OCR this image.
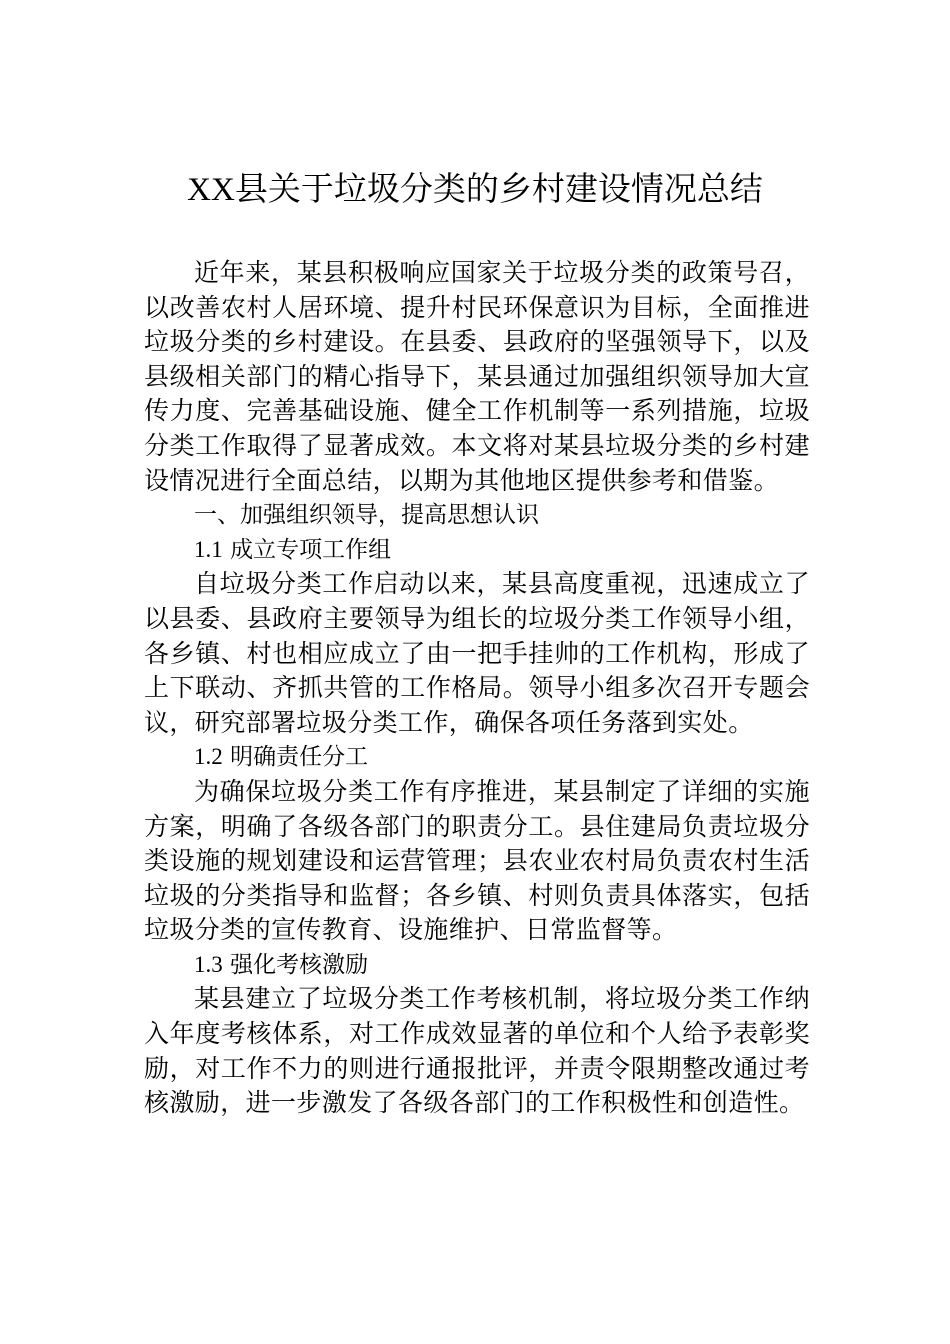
XX县关于垃圾分类的乡村建设情况总结

近年来，某县积极响应国家关于垃圾分类的政策号召，以改善农村人居环境、提升村民环保意识为目标，全面推进垃圾分类的乡村建设。在县委、县政府的坚强领导下，以及县级相关部门的精心指导下，某县通过加强组织领导加大宣传力度、完善基础设施、健全工作机制等一系列措施，垃圾分类工作取得了显著成效。本文将对某县垃圾分类的乡村建设情况进行全面总结，以期为其他地区提供参考和借鉴。

一、加强组织领导，提高思想认识

1.1 成立专项工作组

自垃圾分类工作启动以来，某县高度重视，迅速成立了以县委、县政府主要领导为组长的垃圾分类工作领导小组，各乡镇、村也相应成立了由一把手挂帅的工作机构，形成了上下联动、齐抓共管的工作格局。领导小组多次召开专题会议，研究部署垃圾分类工作，确保各项任务落到实处。

1.2 明确责任分工

为确保垃圾分类工作有序推进，某县制定了详细的实施方案，明确了各级各部门的职责分工。县住建局负责垃圾分类设施的规划建设和运营管理；县农业农村局负责农村生活垃圾的分类指导和监督；各乡镇、村则负责具体落实，包括垃圾分类的宣传教育、设施维护、日常监督等。

1.3 强化考核激励

某县建立了垃圾分类工作考核机制，将垃圾分类工作纳入年度考核体系，对工作成效显著的单位和个人给予表彰奖励，对工作不力的则进行通报批评，并责令限期整改通过考核激励，进一步激发了各级各部门的工作积极性和创造性。
